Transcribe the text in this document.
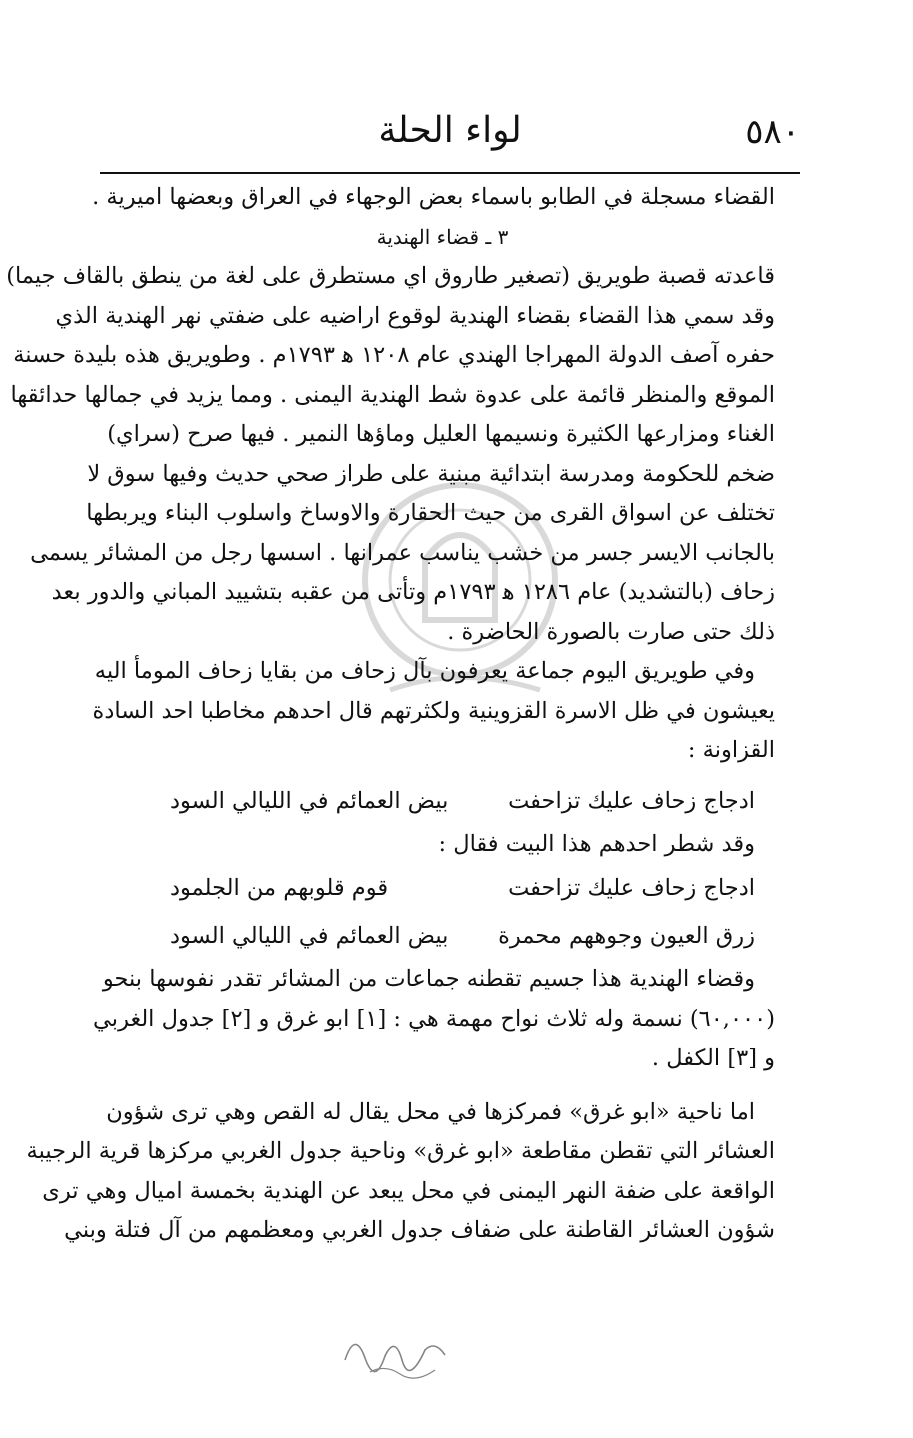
٥٨٠
لواء الحلة
القضاء مسجلة في الطابو باسماء بعض الوجهاء في العراق وبعضها اميرية .
٣ ـ قضاء الهندية
قاعدته قصبة طويريق (تصغير طاروق اي مستطرق على لغة من ينطق بالقاف جيما)
وقد سمي هذا القضاء بقضاء الهندية لوقوع اراضيه على ضفتي نهر الهندية الذي
حفره آصف الدولة المهراجا الهندي عام ١٢٠٨ ﻫ ١٧٩٣م . وطويريق هذه بليدة حسنة
الموقع والمنظر قائمة على عدوة شط الهندية اليمنى . ومما يزيد في جمالها حدائقها
الغناء ومزارعها الكثيرة ونسيمها العليل وماؤها النمير . فيها صرح (سراي)
ضخم للحكومة ومدرسة ابتدائية مبنية على طراز صحي حديث وفيها سوق لا
تختلف عن اسواق القرى من حيث الحقارة والاوساخ واسلوب البناء ويربطها
بالجانب الايسر جسر من خشب يناسب عمرانها . اسسها رجل من المشائر يسمى
زحاف (بالتشديد) عام ١٢٨٦ ﻫ ١٧٩٣م وتأتى من عقبه بتشييد المباني والدور بعد
ذلك حتى صارت بالصورة الحاضرة .
وفي طويريق اليوم جماعة يعرفون بآل زحاف من بقايا زحاف المومأ اليه
يعيشون في ظل الاسرة القزوينية ولكثرتهم قال احدهم مخاطبا احد السادة
القزاونة :
ادجاج زحاف عليك تزاحفت
بيض العمائم في الليالي السود
وقد شطر احدهم هذا البيت فقال :
ادجاج زحاف عليك تزاحفت
قوم قلوبهم من الجلمود
زرق العيون وجوههم محمرة
بيض العمائم في الليالي السود
وقضاء الهندية هذا جسيم تقطنه جماعات من المشائر تقدر نفوسها بنحو
(٦٠,٠٠٠) نسمة وله ثلاث نواح مهمة هي : [١] ابو غرق و [٢] جدول الغربي
و [٣] الكفل .
اما ناحية «ابو غرق» فمركزها في محل يقال له القص وهي ترى شؤون
العشائر التي تقطن مقاطعة «ابو غرق» وناحية جدول الغربي مركزها قرية الرجيبة
الواقعة على ضفة النهر اليمنى في محل يبعد عن الهندية بخمسة اميال وهي ترى
شؤون العشائر القاطنة على ضفاف جدول الغربي ومعظمهم من آل فتلة وبني
